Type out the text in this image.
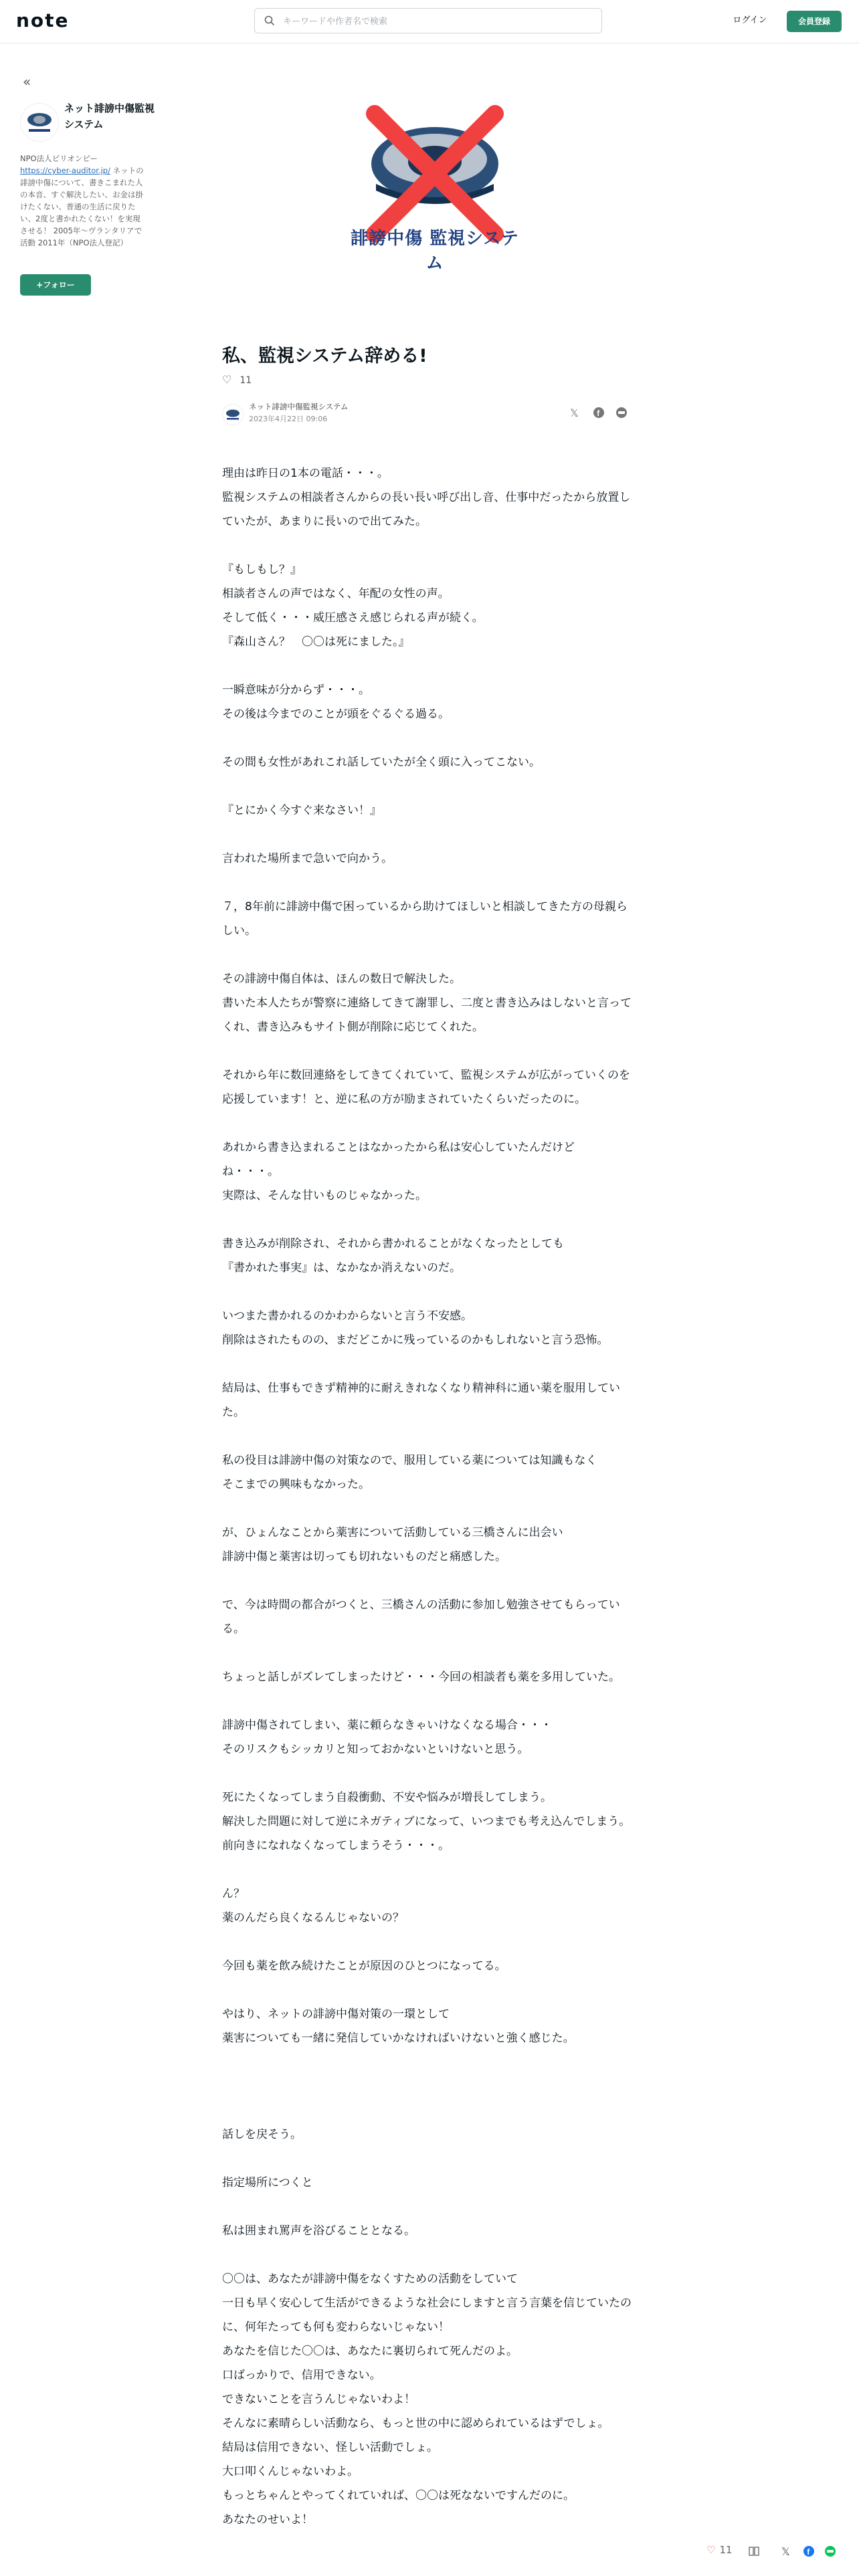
note
キーワードや作者名で検索	ログイン	会員登録
«
ネット誹謗中傷監視システム
NPO法人ピリオンピー https://cyber-auditor.jp/ ネットの誹謗中傷について、書きこまれた人の本音、すぐ解決したい、お金は掛けたくない、普通の生活に戻りたい、2度と書かれたくない！を実現させる！ 2005年〜ヴランタリアで活動 2011年（NPO法人登記）
+フォロー
誹謗中傷 監視システム
私、監視システム辞める!
♡ 11
ネット誹謗中傷監視システム
2023年4月22日 09:06	𝕏 f

理由は昨日の1本の電話・・・。

監視システムの相談者さんからの長い長い呼び出し音、仕事中だったから放置していたが、あまりに長いので出てみた。

『もしもし？』

相談者さんの声ではなく、年配の女性の声。

そして低く・・・威圧感さえ感じられる声が続く。

『森山さん？　〇〇は死にました。』

一瞬意味が分からず・・・。

その後は今までのことが頭をぐるぐる過る。

その間も女性があれこれ話していたが全く頭に入ってこない。

『とにかく今すぐ来なさい！』

言われた場所まで急いで向かう。

７，8年前に誹謗中傷で困っているから助けてほしいと相談してきた方の母親らしい。

その誹謗中傷自体は、ほんの数日で解決した。

書いた本人たちが警察に連絡してきて謝罪し、二度と書き込みはしないと言ってくれ、書き込みもサイト側が削除に応じてくれた。

それから年に数回連絡をしてきてくれていて、監視システムが広がっていくのを応援しています！と、逆に私の方が励まされていたくらいだったのに。

あれから書き込まれることはなかったから私は安心していたんだけど

ね・・・。

実際は、そんな甘いものじゃなかった。

書き込みが削除され、それから書かれることがなくなったとしても

『書かれた事実』は、なかなか消えないのだ。

いつまた書かれるのかわからないと言う不安感。

削除はされたものの、まだどこかに残っているのかもしれないと言う恐怖。

結局は、仕事もできず精神的に耐えきれなくなり精神科に通い薬を服用していた。

私の役目は誹謗中傷の対策なので、服用している薬については知識もなく

そこまでの興味もなかった。

が、ひょんなことから薬害について活動している三橋さんに出会い

誹謗中傷と薬害は切っても切れないものだと痛感した。

で、今は時間の都合がつくと、三橋さんの活動に参加し勉強させてもらっている。

ちょっと話しがズレてしまったけど・・・今回の相談者も薬を多用していた。

誹謗中傷されてしまい、薬に頼らなきゃいけなくなる場合・・・

そのリスクもシッカリと知っておかないといけないと思う。

死にたくなってしまう自殺衝動、不安や悩みが増長してしまう。

解決した問題に対して逆にネガティブになって、いつまでも考え込んでしまう。

前向きになれなくなってしまうそう・・・。

ん？

薬のんだら良くなるんじゃないの？

今回も薬を飲み続けたことが原因のひとつになってる。

やはり、ネットの誹謗中傷対策の一環として

薬害についても一緒に発信していかなければいけないと強く感じた。

話しを戻そう。

指定場所につくと

私は囲まれ罵声を浴びることとなる。

〇〇は、あなたが誹謗中傷をなくすための活動をしていて

一日も早く安心して生活ができるような社会にしますと言う言葉を信じていたのに、何年たっても何も変わらないじゃない！

あなたを信じた〇〇は、あなたに裏切られて死んだのよ。

口ばっかりで、信用できない。

できないことを言うんじゃないわよ！

そんなに素晴らしい活動なら、もっと世の中に認められているはずでしょ。

結局は信用できない、怪しい活動でしょ。

大口叩くんじゃないわよ。

もっとちゃんとやってくれていれば、〇〇は死なないですんだのに。

あなたのせいよ！

♡ 11	𝕏 f
